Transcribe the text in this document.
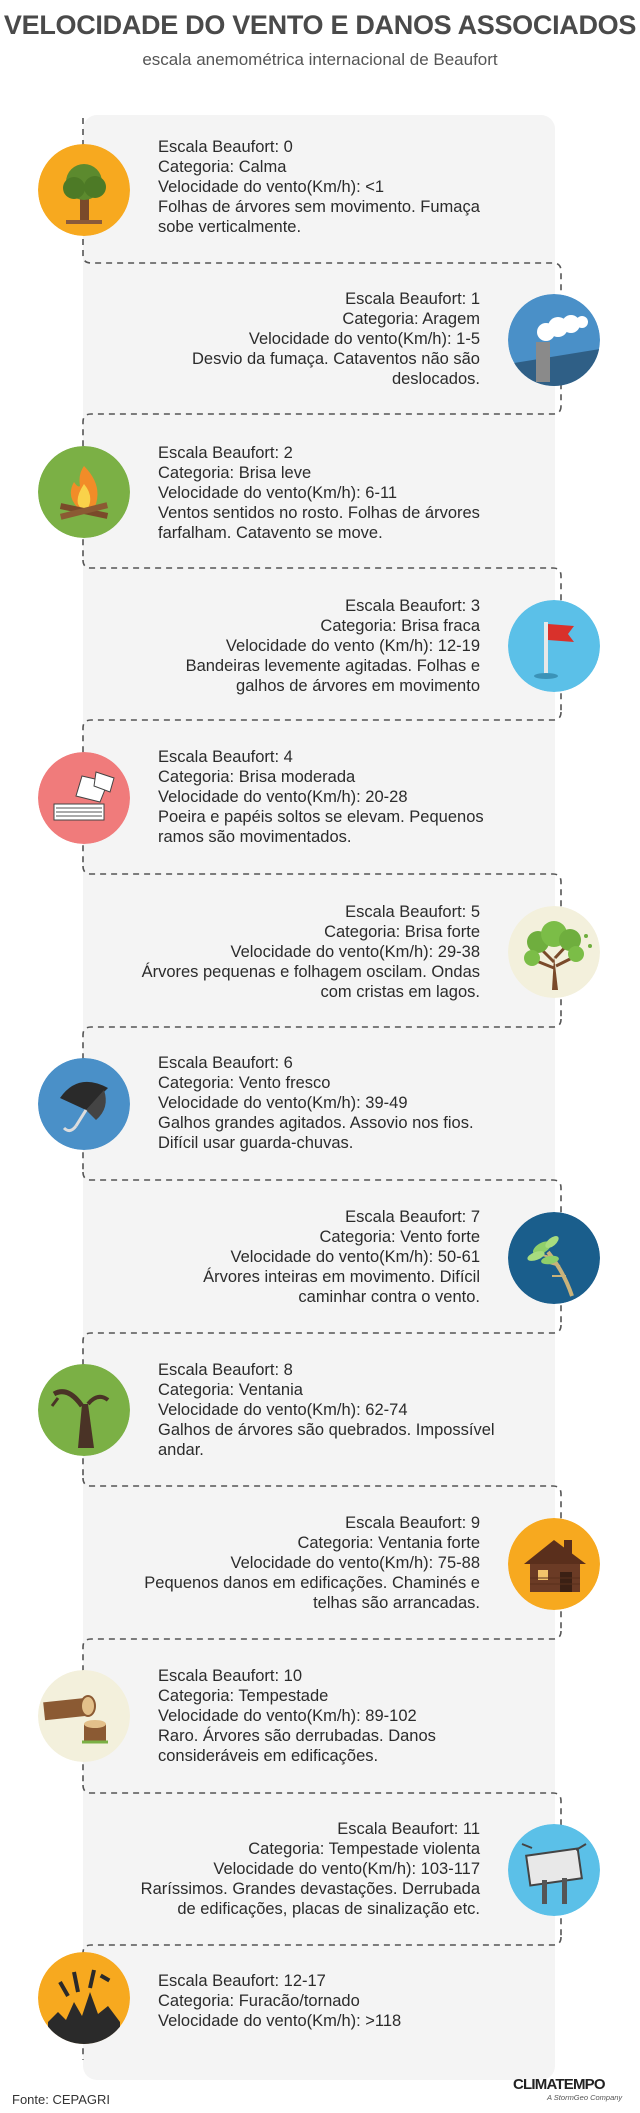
VELOCIDADE DO VENTO E DANOS ASSOCIADOS
escala anemométrica internacional de Beaufort
Escala Beaufort: 0
Categoria: Calma
Velocidade do vento(Km/h): <1
Folhas de árvores sem movimento. Fumaça sobe verticalmente.
Escala Beaufort: 1
Categoria: Aragem
Velocidade do vento(Km/h): 1-5
Desvio da fumaça. Cataventos não são deslocados.
Escala Beaufort: 2
Categoria: Brisa leve
Velocidade do vento(Km/h): 6-11
Ventos sentidos no rosto. Folhas de árvores farfalham. Catavento se move.
Escala Beaufort: 3
Categoria: Brisa fraca
Velocidade do vento (Km/h): 12-19
Bandeiras levemente agitadas. Folhas e galhos de árvores em movimento
Escala Beaufort: 4
Categoria: Brisa moderada
Velocidade do vento(Km/h): 20-28
Poeira e papéis soltos se elevam. Pequenos ramos são movimentados.
Escala Beaufort: 5
Categoria: Brisa forte
Velocidade do vento(Km/h): 29-38
Árvores pequenas e folhagem oscilam. Ondas com cristas em lagos.
Escala Beaufort: 6
Categoria: Vento fresco
Velocidade do vento(Km/h): 39-49
Galhos grandes agitados. Assovio nos fios. Difícil usar guarda-chuvas.
Escala Beaufort: 7
Categoria: Vento forte
Velocidade do vento(Km/h): 50-61
Árvores inteiras em movimento. Difícil caminhar contra o vento.
Escala Beaufort: 8
Categoria: Ventania
Velocidade do vento(Km/h): 62-74
Galhos de árvores são quebrados. Impossível andar.
Escala Beaufort: 9
Categoria: Ventania forte
Velocidade do vento(Km/h): 75-88
Pequenos danos em edificações. Chaminés e telhas são arrancadas.
Escala Beaufort: 10
Categoria: Tempestade
Velocidade do vento(Km/h): 89-102
Raro. Árvores são derrubadas. Danos consideráveis em edificações.
Escala Beaufort: 11
Categoria: Tempestade violenta
Velocidade do vento(Km/h): 103-117
Raríssimos. Grandes devastações. Derrubada de edificações, placas de sinalização etc.
Escala Beaufort: 12-17
Categoria: Furacão/tornado
Velocidade do vento(Km/h): >118
Fonte: CEPAGRI
CLIMATEMPO
A StormGeo Company
